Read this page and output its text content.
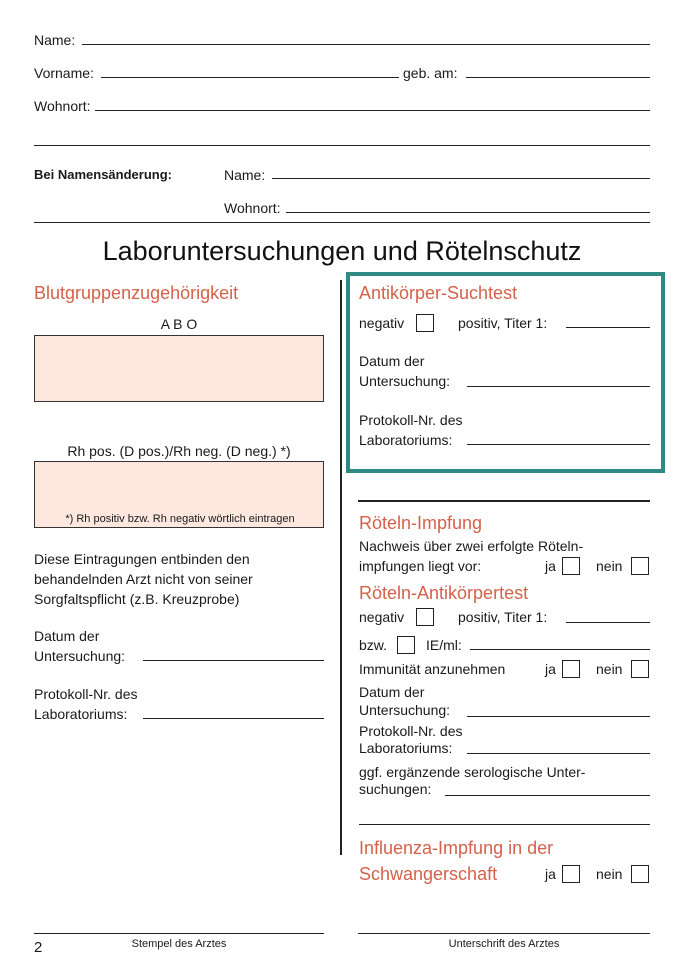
Name:
Vorname:	geb. am:
Wohnort:
Bei Namensänderung:	Name:
Wohnort:
Laboruntersuchungen und Rötelnschutz
Blutgruppenzugehörigkeit
A B O
Rh pos. (D pos.)/Rh neg. (D neg.) *)
*) Rh positiv bzw. Rh negativ wörtlich eintragen
Diese Eintragungen entbinden den
behandelnden Arzt nicht von seiner
Sorgfaltspflicht (z.B. Kreuzprobe)
Datum der
Untersuchung:
Protokoll-Nr. des
Laboratoriums:
Antikörper-Suchtest
negativ	positiv, Titer 1:
Datum der
Untersuchung:
Protokoll-Nr. des
Laboratoriums:
Röteln-Impfung
Nachweis über zwei erfolgte Röteln-
impfungen liegt vor:	ja	nein
Röteln-Antikörpertest
negativ	positiv, Titer 1:
bzw.	IE/ml:
Immunität anzunehmen	ja	nein
Datum der
Untersuchung:
Protokoll-Nr. des
Laboratoriums:
ggf. ergänzende serologische Unter-
suchungen:
Influenza-Impfung in der
Schwangerschaft	ja	nein
2	Stempel des Arztes	Unterschrift des Arztes
